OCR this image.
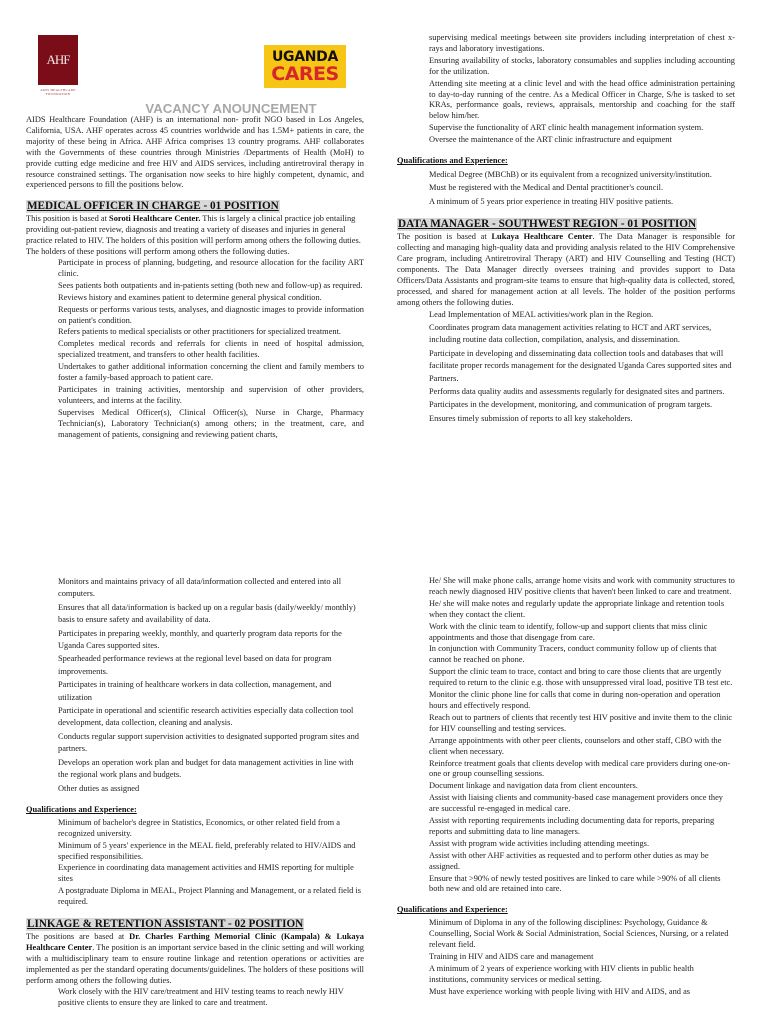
AHF
AIDS HEALTHCARE FOUNDATION
UGANDA
CARES
VACANCY ANOUNCEMENT

AIDS Healthcare Foundation (AHF) is an international non- profit NGO based in Los Angeles, California, USA. AHF operates across 45 countries worldwide and has 1.5M+ patients in care, the majority of these being in Africa. AHF Africa comprises 13 country programs. AHF collaborates with the Governments of these countries through Ministries /Departments of Health (MoH) to provide cutting edge medicine and free HIV and AIDS services, including antiretroviral therapy in resource constrained settings. The organisation now seeks to hire highly competent, dynamic, and experienced persons to fill the positions below.

MEDICAL OFFICER IN CHARGE - 01 POSITION

This position is based at Soroti Healthcare Center. This is largely a clinical practice job entailing providing out-patient review, diagnosis and treating a variety of diseases and injuries in general practice related to HIV. The holders of this position will perform among others the following duties. The holders of these positions will perform among others the following duties.

Participate in process of planning, budgeting, and resource allocation for the facility ART clinic.
Sees patients both outpatients and in-patients setting (both new and follow-up) as required.
Reviews history and examines patient to determine general physical condition.
Requests or performs various tests, analyses, and diagnostic images to provide information on patient's condition.
Refers patients to medical specialists or other practitioners for specialized treatment.
Completes medical records and referrals for clients in need of hospital admission, specialized treatment, and transfers to other health facilities.
Undertakes to gather additional information concerning the client and family members to foster a family-based approach to patient care.
Participates in training activities, mentorship and supervision of other providers, volunteers, and interns at the facility.
Supervises Medical Officer(s), Clinical Officer(s), Nurse in Charge, Pharmacy Technician(s), Laboratory Technician(s) among others; in the treatment, care, and management of patients, consigning and reviewing patient charts,
supervising medical meetings between site providers including interpretation of chest x-rays and laboratory investigations.
Ensuring availability of stocks, laboratory consumables and supplies including accounting for the utilization.
Attending site meeting at a clinic level and with the head office administration pertaining to day-to-day running of the centre. As a Medical Officer in Charge, S/he is tasked to set KRAs, performance goals, reviews, appraisals, mentorship and coaching for the staff below him/her.
Supervise the functionality of ART clinic health management information system.
Oversee the maintenance of the ART clinic infrastructure and equipment
Qualifications and Experience:
Medical Degree (MBChB) or its equivalent from a recognized university/institution.
Must be registered with the Medical and Dental practitioner's council.
A minimum of 5 years prior experience in treating HIV positive patients.
DATA MANAGER - SOUTHWEST REGION - 01 POSITION

The position is based at Lukaya Healthcare Center. The Data Manager is responsible for collecting and managing high-quality data and providing analysis related to the HIV Comprehensive Care program, including Antiretroviral Therapy (ART) and HIV Counselling and Testing (HCT) components. The Data Manager directly oversees training and provides support to Data Officers/Data Assistants and program-site teams to ensure that high-quality data is collected, stored, processed, and shared for management action at all levels. The holder of the position performs among others the following duties.

Lead Implementation of MEAL activities/work plan in the Region.
Coordinates program data management activities relating to HCT and ART services, including routine data collection, compilation, analysis, and dissemination.
Participate in developing and disseminating data collection tools and databases that will facilitate proper records management for the designated Uganda Cares supported sites and Partners.
Performs data quality audits and assessments regularly for designated sites and partners.
Participates in the development, monitoring, and communication of program targets.
Ensures timely submission of reports to all key stakeholders.
Monitors and maintains privacy of all data/information collected and entered into all computers.
Ensures that all data/information is backed up on a regular basis (daily/weekly/ monthly) basis to ensure safety and availability of data.
Participates in preparing weekly, monthly, and quarterly program data reports for the Uganda Cares supported sites.
Spearheaded performance reviews at the regional level based on data for program improvements.
Participates in training of healthcare workers in data collection, management, and utilization
Participate in operational and scientific research activities especially data collection tool development, data collection, cleaning and analysis.
Conducts regular support supervision activities to designated supported program sites and partners.
Develops an operation work plan and budget for data management activities in line with the regional work plans and budgets.
Other duties as assigned
Qualifications and Experience:
Minimum of bachelor's degree in Statistics, Economics, or other related field from a recognized university.
Minimum of 5 years' experience in the MEAL field, preferably related to HIV/AIDS and specified responsibilities.
Experience in coordinating data management activities and HMIS reporting for multiple sites
A postgraduate Diploma in MEAL, Project Planning and Management, or a related field is required.
LINKAGE & RETENTION ASSISTANT - 02 POSITION

The positions are based at Dr. Charles Farthing Memorial Clinic (Kampala) & Lukaya Healthcare Center. The position is an important service based in the clinic setting and will working with a multidisciplinary team to ensure routine linkage and retention operations or activities are implemented as per the standard operating documents/guidelines. The holders of these positions will perform among others the following duties.

Work closely with the HIV care/treatment and HIV testing teams to reach newly HIV positive clients to ensure they are linked to care and treatment.
He/ She will make phone calls, arrange home visits and work with community structures to reach newly diagnosed HIV positive clients that haven't been linked to care and treatment.
He/ she will make notes and regularly update the appropriate linkage and retention tools when they contact the client.
Work with the clinic team to identify, follow-up and support clients that miss clinic appointments and those that disengage from care.
In conjunction with Community Tracers, conduct community follow up of clients that cannot be reached on phone.
Support the clinic team to trace, contact and bring to care those clients that are urgently required to return to the clinic e.g. those with unsuppressed viral load, positive TB test etc.
Monitor the clinic phone line for calls that come in during non-operation and operation hours and effectively respond.
Reach out to partners of clients that recently test HIV positive and invite them to the clinic for HIV counselling and testing services.
Arrange appointments with other peer clients, counselors and other staff, CBO with the client when necessary.
Reinforce treatment goals that clients develop with medical care providers during one-on-one or group counselling sessions.
Document linkage and navigation data from client encounters.
Assist with liaising clients and community-based case management providers once they are successful re-engaged in medical care.
Assist with reporting requirements including documenting data for reports, preparing reports and submitting data to line managers.
Assist with program wide activities including attending meetings.
Assist with other AHF activities as requested and to perform other duties as may be assigned.
Ensure that >90% of newly tested positives are linked to care while >90% of all clients both new and old are retained into care.
Qualifications and Experience:
Minimum of Diploma in any of the following disciplines: Psychology, Guidance & Counselling, Social Work & Social Administration, Social Sciences, Nursing, or a related relevant field.
Training in HIV and AIDS care and management
A minimum of 2 years of experience working with HIV clients in public health institutions, community services or medical setting.
Must have experience working with people living with HIV and AIDS, and as
